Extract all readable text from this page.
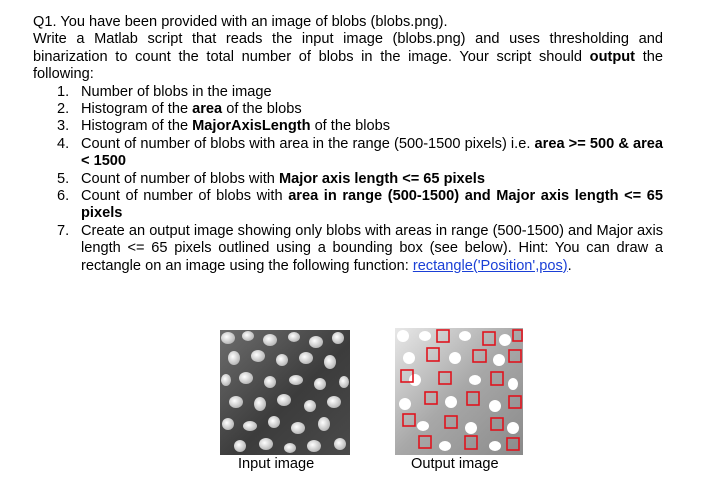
Q1. You have been provided with an image of blobs (blobs.png).

Write a Matlab script that reads the input image (blobs.png) and uses thresholding and binarization to count the total number of blobs in the image. Your script should output the following:

1. Number of blobs in the image
2. Histogram of the area of the blobs
3. Histogram of the MajorAxisLength of the blobs
4. Count of number of blobs with area in the range (500-1500 pixels) i.e. area >= 500 & area < 1500
5. Count of number of blobs with Major axis length <= 65 pixels
6. Count of number of blobs with area in range (500-1500) and Major axis length <= 65 pixels
7. Create an output image showing only blobs with areas in range (500-1500) and Major axis length <= 65 pixels outlined using a bounding box (see below). Hint: You can draw a rectangle on an image using the following function: rectangle('Position',pos).
Input image	Output image
